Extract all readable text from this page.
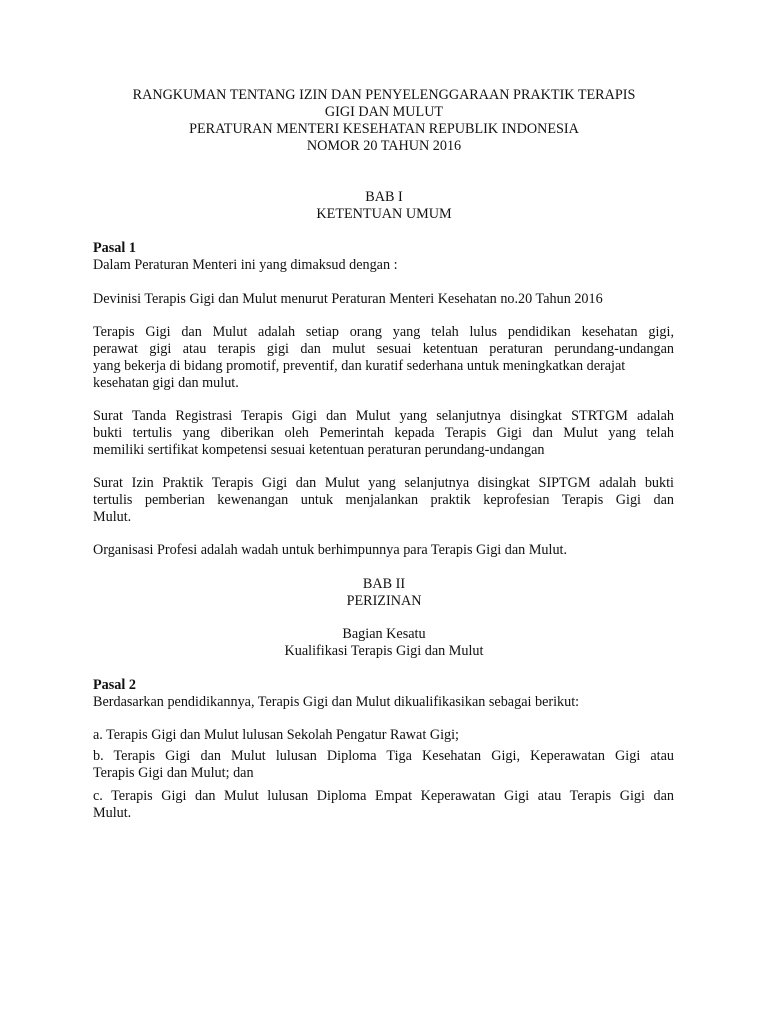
RANGKUMAN TENTANG IZIN DAN PENYELENGGARAAN PRAKTIK TERAPIS
GIGI DAN MULUT
PERATURAN MENTERI KESEHATAN REPUBLIK INDONESIA
NOMOR 20 TAHUN 2016
BAB I
KETENTUAN UMUM
Pasal 1
Dalam Peraturan Menteri ini yang dimaksud dengan :
Devinisi Terapis Gigi dan Mulut menurut Peraturan Menteri Kesehatan no.20 Tahun 2016
Terapis Gigi dan Mulut adalah setiap orang yang telah lulus pendidikan kesehatan gigi,
perawat gigi atau terapis gigi dan mulut sesuai ketentuan peraturan perundang-undangan
yang bekerja di bidang promotif, preventif, dan kuratif sederhana untuk meningkatkan derajat
kesehatan gigi dan mulut.
Surat Tanda Registrasi Terapis Gigi dan Mulut yang selanjutnya disingkat STRTGM adalah
bukti tertulis yang diberikan oleh Pemerintah kepada Terapis Gigi dan Mulut yang telah
memiliki sertifikat kompetensi sesuai ketentuan peraturan perundang-undangan
Surat Izin Praktik Terapis Gigi dan Mulut yang selanjutnya disingkat SIPTGM adalah bukti
tertulis pemberian kewenangan untuk menjalankan praktik keprofesian Terapis Gigi dan
Mulut.
Organisasi Profesi adalah wadah untuk berhimpunnya para Terapis Gigi dan Mulut.
BAB II
PERIZINAN
Bagian Kesatu
Kualifikasi Terapis Gigi dan Mulut
Pasal 2
Berdasarkan pendidikannya, Terapis Gigi dan Mulut dikualifikasikan sebagai berikut:
a. Terapis Gigi dan Mulut lulusan Sekolah Pengatur Rawat Gigi;
b. Terapis Gigi dan Mulut lulusan Diploma Tiga Kesehatan Gigi, Keperawatan Gigi atau
Terapis Gigi dan Mulut; dan
c. Terapis Gigi dan Mulut lulusan Diploma Empat Keperawatan Gigi atau Terapis Gigi dan
Mulut.
